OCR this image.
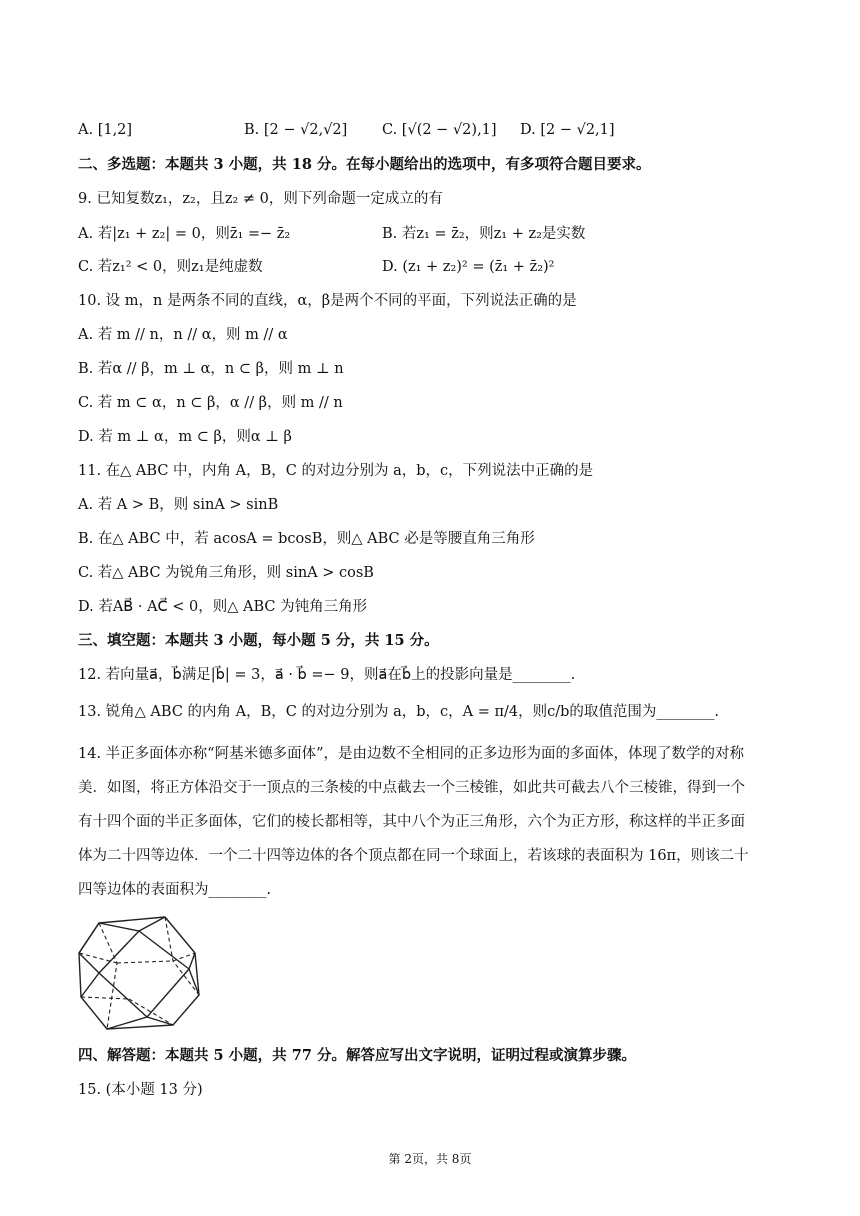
A. [1,2]	B. [2 − √2,√2] C. [√(2 − √2),1] D. [2 − √2,1]
二、多选题：本题共 3 小题，共 18 分。在每小题给出的选项中，有多项符合题目要求。
9. 已知复数z₁，z₂，且z₂ ≠ 0，则下列命题一定成立的有
A. 若|z₁ + z₂| = 0，则z̄₁ =− z̄₂	B. 若z₁ = z̄₂，则z₁ + z₂是实数
C. 若z₁² < 0，则z₁是纯虚数	D. (z₁ + z₂)² = (z̄₁ + z̄₂)²
10. 设 m，n 是两条不同的直线，α，β是两个不同的平面，下列说法正确的是
A. 若 m // n，n // α，则 m // α
B. 若α // β，m ⊥ α，n ⊂ β，则 m ⊥ n
C. 若 m ⊂ α，n ⊂ β，α // β，则 m // n
D. 若 m ⊥ α，m ⊂ β，则α ⊥ β
11. 在△ ABC 中，内角 A，B，C 的对边分别为 a，b，c，下列说法中正确的是
A. 若 A > B，则 sinA > sinB
B. 在△ ABC 中，若 acosA = bcosB，则△ ABC 必是等腰直角三角形
C. 若△ ABC 为锐角三角形，则 sinA > cosB
D. 若AB⃗ · AC⃗ < 0，则△ ABC 为钝角三角形
三、填空题：本题共 3 小题，每小题 5 分，共 15 分。
12. 若向量a⃗，b⃗满足|b⃗| = 3，a⃗ · b⃗ =− 9，则a⃗在b⃗上的投影向量是________.
13. 锐角△ ABC 的内角 A，B，C 的对边分别为 a，b，c，A = π/4，则c/b的取值范围为________.
14. 半正多面体亦称“阿基米德多面体”，是由边数不全相同的正多边形为面的多面体，体现了数学的对称
美．如图，将正方体沿交于一顶点的三条棱的中点截去一个三棱锥，如此共可截去八个三棱锥，得到一个
有十四个面的半正多面体，它们的棱长都相等，其中八个为正三角形，六个为正方形，称这样的半正多面
体为二十四等边体．一个二十四等边体的各个顶点都在同一个球面上，若该球的表面积为 16π，则该二十
四等边体的表面积为________.
四、解答题：本题共 5 小题，共 77 分。解答应写出文字说明，证明过程或演算步骤。
15. (本小题 13 分)
第 2页，共 8页
